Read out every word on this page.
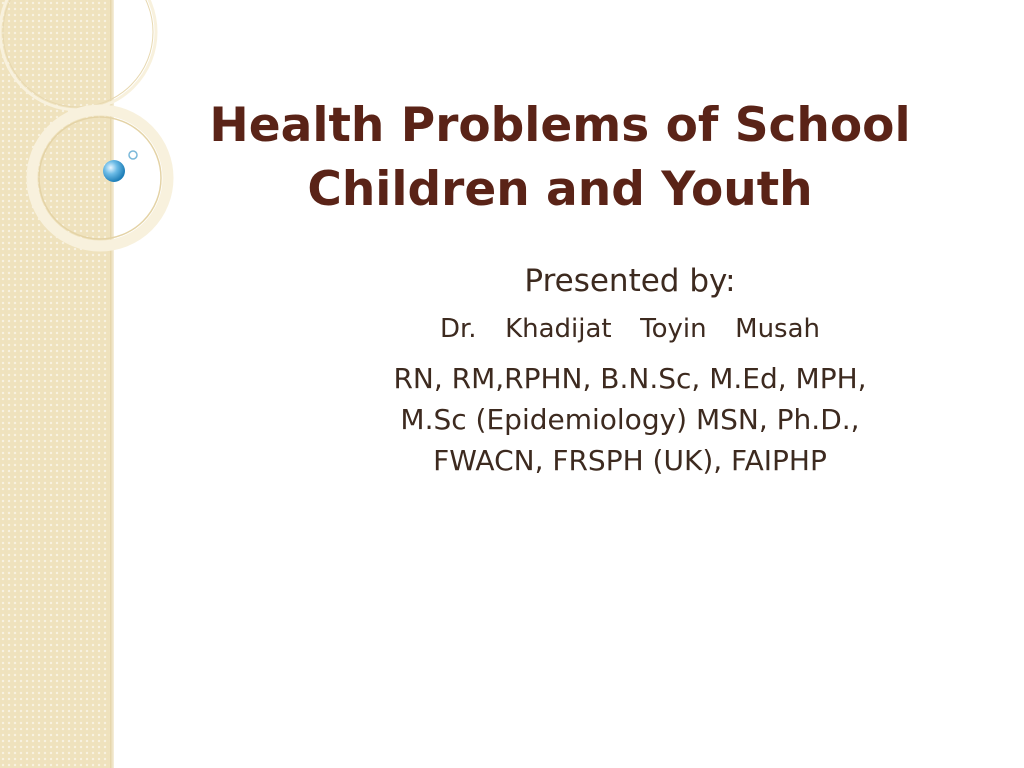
Health Problems of School
Children and Youth
Presented by:
Dr.  Khadijat  Toyin  Musah
RN, RM,RPHN, B.N.Sc, M.Ed, MPH,
M.Sc (Epidemiology) MSN, Ph.D.,
FWACN, FRSPH (UK), FAIPHP
